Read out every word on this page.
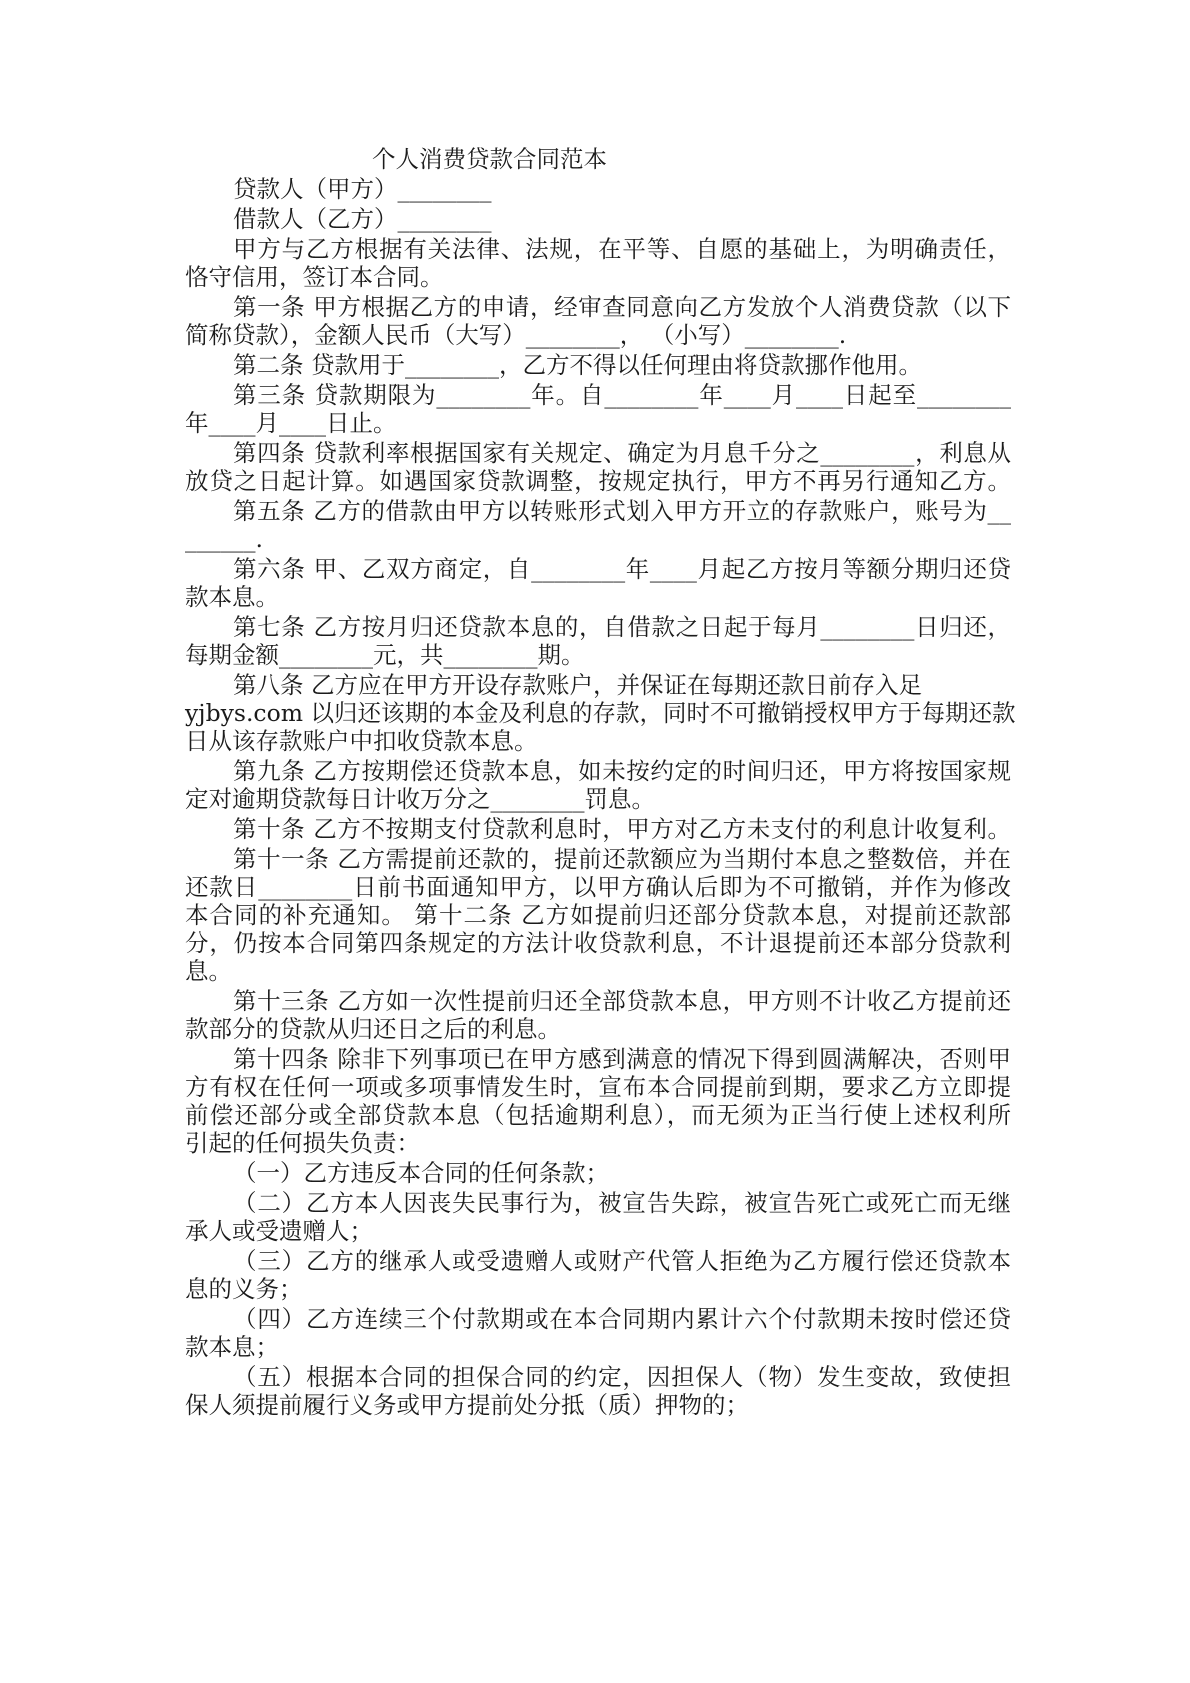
个人消费贷款合同范本
贷款人（甲方）________
借款人（乙方）________
甲方与乙方根据有关法律、法规，在平等、自愿的基础上，为明确责任，
恪守信用，签订本合同。
第一条 甲方根据乙方的申请，经审查同意向乙方发放个人消费贷款（以下
简称贷款），金额人民币（大写）________， （小写）________.
第二条 贷款用于________，乙方不得以任何理由将贷款挪作他用。
第三条 贷款期限为________年。自________年____月____日起至________
年____月____日止。
第四条 贷款利率根据国家有关规定、确定为月息千分之________，利息从
放贷之日起计算。如遇国家贷款调整，按规定执行，甲方不再另行通知乙方。
第五条 乙方的借款由甲方以转账形式划入甲方开立的存款账户，账号为__
______.
第六条 甲、乙双方商定，自________年____月起乙方按月等额分期归还贷
款本息。
第七条 乙方按月归还贷款本息的，自借款之日起于每月________日归还，
每期金额________元，共________期。
第八条 乙方应在甲方开设存款账户，并保证在每期还款日前存入足
yjbys.com 以归还该期的本金及利息的存款，同时不可撤销授权甲方于每期还款
日从该存款账户中扣收贷款本息。
第九条 乙方按期偿还贷款本息，如未按约定的时间归还，甲方将按国家规
定对逾期贷款每日计收万分之________罚息。
第十条 乙方不按期支付贷款利息时，甲方对乙方未支付的利息计收复利。
第十一条 乙方需提前还款的，提前还款额应为当期付本息之整数倍，并在
还款日________日前书面通知甲方，以甲方确认后即为不可撤销，并作为修改
本合同的补充通知。 第十二条 乙方如提前归还部分贷款本息，对提前还款部
分，仍按本合同第四条规定的方法计收贷款利息，不计退提前还本部分贷款利
息。
第十三条 乙方如一次性提前归还全部贷款本息，甲方则不计收乙方提前还
款部分的贷款从归还日之后的利息。
第十四条 除非下列事项已在甲方感到满意的情况下得到圆满解决，否则甲
方有权在任何一项或多项事情发生时，宣布本合同提前到期，要求乙方立即提
前偿还部分或全部贷款本息（包括逾期利息），而无须为正当行使上述权利所
引起的任何损失负责：
（一）乙方违反本合同的任何条款；
（二）乙方本人因丧失民事行为，被宣告失踪，被宣告死亡或死亡而无继
承人或受遗赠人；
（三）乙方的继承人或受遗赠人或财产代管人拒绝为乙方履行偿还贷款本
息的义务；
（四）乙方连续三个付款期或在本合同期内累计六个付款期未按时偿还贷
款本息；
（五）根据本合同的担保合同的约定，因担保人（物）发生变故，致使担
保人须提前履行义务或甲方提前处分抵（质）押物的；
